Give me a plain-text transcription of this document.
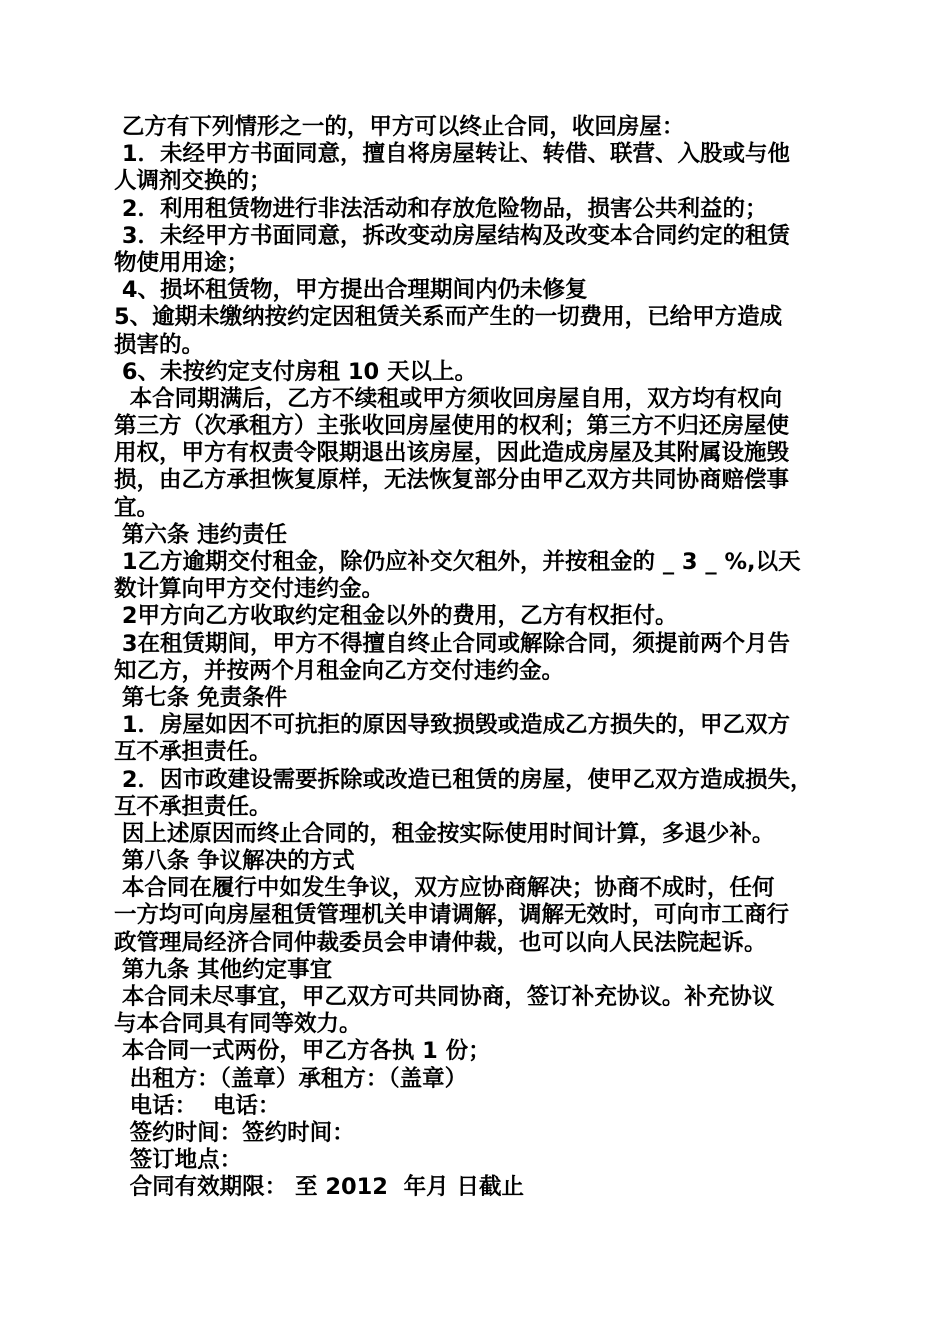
乙方有下列情形之一的，甲方可以终止合同，收回房屋：
1．未经甲方书面同意，擅自将房屋转让、转借、联营、入股或与他
人调剂交换的；
2．利用租赁物进行非法活动和存放危险物品，损害公共利益的；
3．未经甲方书面同意，拆改变动房屋结构及改变本合同约定的租赁
物使用用途；
4、损坏租赁物，甲方提出合理期间内仍未修复
5、逾期未缴纳按约定因租赁关系而产生的一切费用，已给甲方造成
损害的。
6、未按约定支付房租 10 天以上。
本合同期满后，乙方不续租或甲方须收回房屋自用，双方均有权向
第三方（次承租方）主张收回房屋使用的权利；第三方不归还房屋使
用权，甲方有权责令限期退出该房屋，因此造成房屋及其附属设施毁
损，由乙方承担恢复原样，无法恢复部分由甲乙双方共同协商赔偿事
宜。
第六条 违约责任
1乙方逾期交付租金，除仍应补交欠租外，并按租金的 _ 3 _ %,以天
数计算向甲方交付违约金。
2甲方向乙方收取约定租金以外的费用，乙方有权拒付。
3在租赁期间，甲方不得擅自终止合同或解除合同，须提前两个月告
知乙方，并按两个月租金向乙方交付违约金。
第七条 免责条件
1．房屋如因不可抗拒的原因导致损毁或造成乙方损失的，甲乙双方
互不承担责任。
2．因市政建设需要拆除或改造已租赁的房屋，使甲乙双方造成损失，
互不承担责任。
因上述原因而终止合同的，租金按实际使用时间计算，多退少补。
第八条 争议解决的方式
本合同在履行中如发生争议，双方应协商解决；协商不成时，任何
一方均可向房屋租赁管理机关申请调解，调解无效时，可向市工商行
政管理局经济合同仲裁委员会申请仲裁，也可以向人民法院起诉。
第九条 其他约定事宜
本合同未尽事宜，甲乙双方可共同协商，签订补充协议。补充协议
与本合同具有同等效力。
本合同一式两份，甲乙方各执 1 份；
出租方：（盖章）承租方：（盖章）
电话：  电话：
签约时间：签约时间：
签订地点：
合同有效期限： 至 2012  年月 日截止
